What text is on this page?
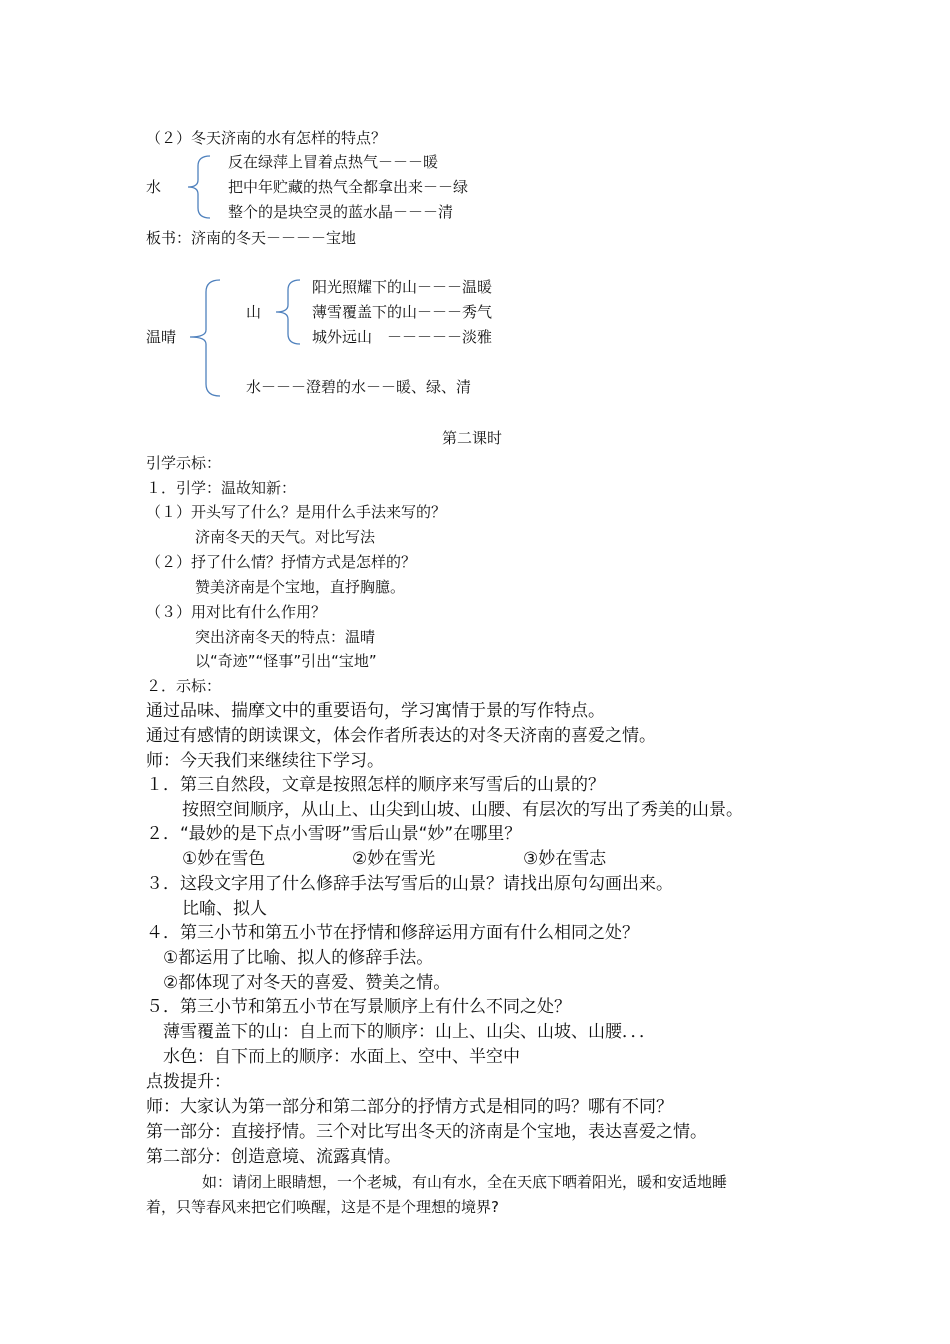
（２）冬天济南的水有怎样的特点？
水
反在绿萍上冒着点热气－－－暖
把中年贮藏的热气全都拿出来－－绿
整个的是块空灵的蓝水晶－－－清
板书：济南的冬天－－－－宝地
温晴
山
阳光照耀下的山－－－温暖
薄雪覆盖下的山－－－秀气
城外远山　－－－－－淡雅
水－－－澄碧的水－－暖、绿、清
第二课时
引学示标：
１．引学：温故知新：
（１）开头写了什么？是用什么手法来写的？
济南冬天的天气。对比写法
（２）抒了什么情？抒情方式是怎样的？
赞美济南是个宝地，直抒胸臆。
（３）用对比有什么作用？
突出济南冬天的特点：温晴
以“奇迹”“怪事”引出“宝地”
２．示标：
通过品味、揣摩文中的重要语句，学习寓情于景的写作特点。
通过有感情的朗读课文，体会作者所表达的对冬天济南的喜爱之情。
师：今天我们来继续往下学习。
１．第三自然段，文章是按照怎样的顺序来写雪后的山景的？
按照空间顺序，从山上、山尖到山坡、山腰、有层次的写出了秀美的山景。
２．“最妙的是下点小雪呀”雪后山景“妙”在哪里？
①妙在雪色	②妙在雪光	③妙在雪志
３．这段文字用了什么修辞手法写雪后的山景？请找出原句勾画出来。
比喻、拟人
４．第三小节和第五小节在抒情和修辞运用方面有什么相同之处？
①都运用了比喻、拟人的修辞手法。
②都体现了对冬天的喜爱、赞美之情。
５．第三小节和第五小节在写景顺序上有什么不同之处？
薄雪覆盖下的山：自上而下的顺序：山上、山尖、山坡、山腰．．．
水色：自下而上的顺序：水面上、空中、半空中
点拨提升：
师：大家认为第一部分和第二部分的抒情方式是相同的吗？哪有不同？
第一部分：直接抒情。三个对比写出冬天的济南是个宝地，表达喜爱之情。
第二部分：创造意境、流露真情。
如：请闭上眼睛想，一个老城，有山有水，全在天底下晒着阳光，暖和安适地睡
着，只等春风来把它们唤醒，这是不是个理想的境界?
